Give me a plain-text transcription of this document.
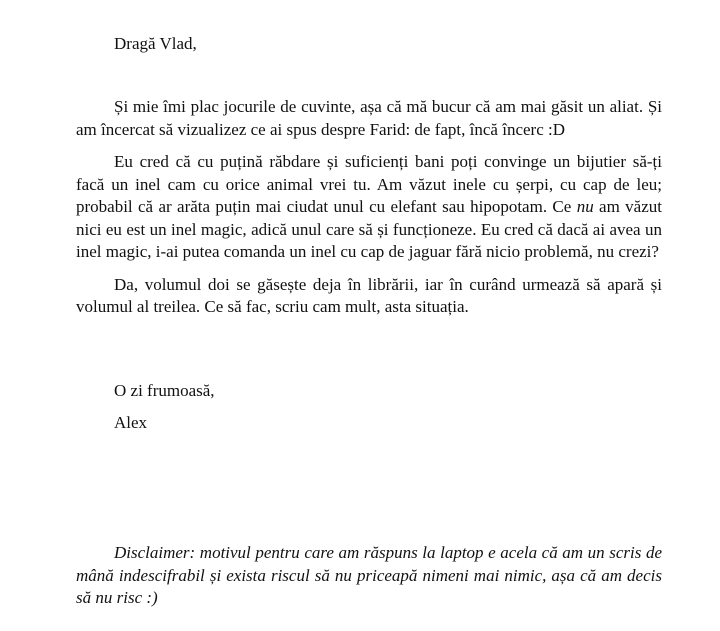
Dragă Vlad,

Și mie îmi plac jocurile de cuvinte, așa că mă bucur că am mai găsit un aliat. Și am încercat să vizualizez ce ai spus despre Farid: de fapt, încă încerc :D

Eu cred că cu puțină răbdare și suficienți bani poți convinge un bijutier să-ți facă un inel cam cu orice animal vrei tu. Am văzut inele cu șerpi, cu cap de leu; probabil că ar arăta puțin mai ciudat unul cu elefant sau hipopotam. Ce nu am văzut nici eu est un inel magic, adică unul care să și funcționeze. Eu cred că dacă ai avea un inel magic, i-ai putea comanda un inel cu cap de jaguar fără nicio problemă, nu crezi?

Da, volumul doi se găsește deja în librării, iar în curând urmează să apară și volumul al treilea. Ce să fac, scriu cam mult, asta situația.

O zi frumoasă,

Alex

Disclaimer: motivul pentru care am răspuns la laptop e acela că am un scris de mână indescifrabil și exista riscul să nu priceapă nimeni mai nimic, așa că am decis să nu risc :)
